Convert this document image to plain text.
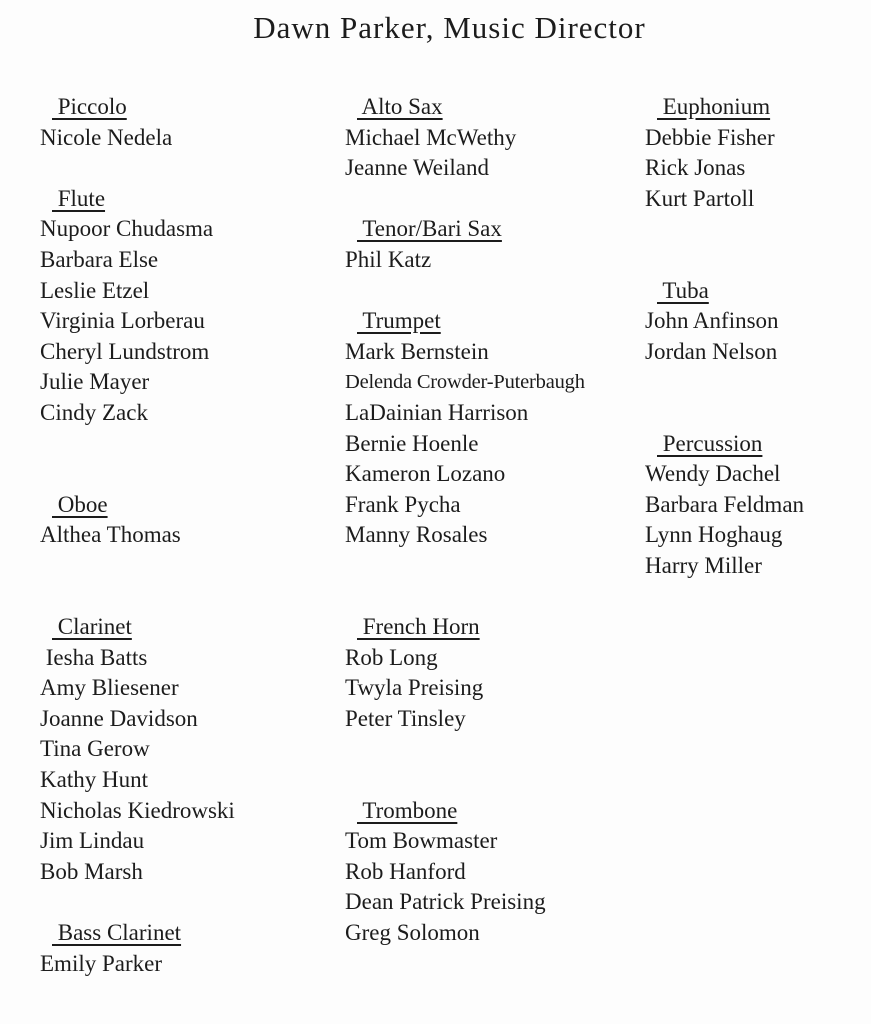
Dawn Parker, Music Director
Piccolo
Nicole Nedela
Flute
Nupoor Chudasma
Barbara Else
Leslie Etzel
Virginia Lorberau
Cheryl Lundstrom
Julie Mayer
Cindy Zack
Oboe
Althea Thomas
Clarinet
Iesha Batts
Amy Bliesener
Joanne Davidson
Tina Gerow
Kathy Hunt
Nicholas Kiedrowski
Jim Lindau
Bob Marsh
Bass Clarinet
Emily Parker
Alto Sax
Michael McWethy
Jeanne Weiland
Tenor/Bari Sax
Phil Katz
Trumpet
Mark Bernstein
Delenda Crowder-Puterbaugh
LaDainian Harrison
Bernie Hoenle
Kameron Lozano
Frank Pycha
Manny Rosales
French Horn
Rob Long
Twyla Preising
Peter Tinsley
Trombone
Tom Bowmaster
Rob Hanford
Dean Patrick Preising
Greg Solomon
Euphonium
Debbie Fisher
Rick Jonas
Kurt Partoll
Tuba
John Anfinson
Jordan Nelson
Percussion
Wendy Dachel
Barbara Feldman
Lynn Hoghaug
Harry Miller
